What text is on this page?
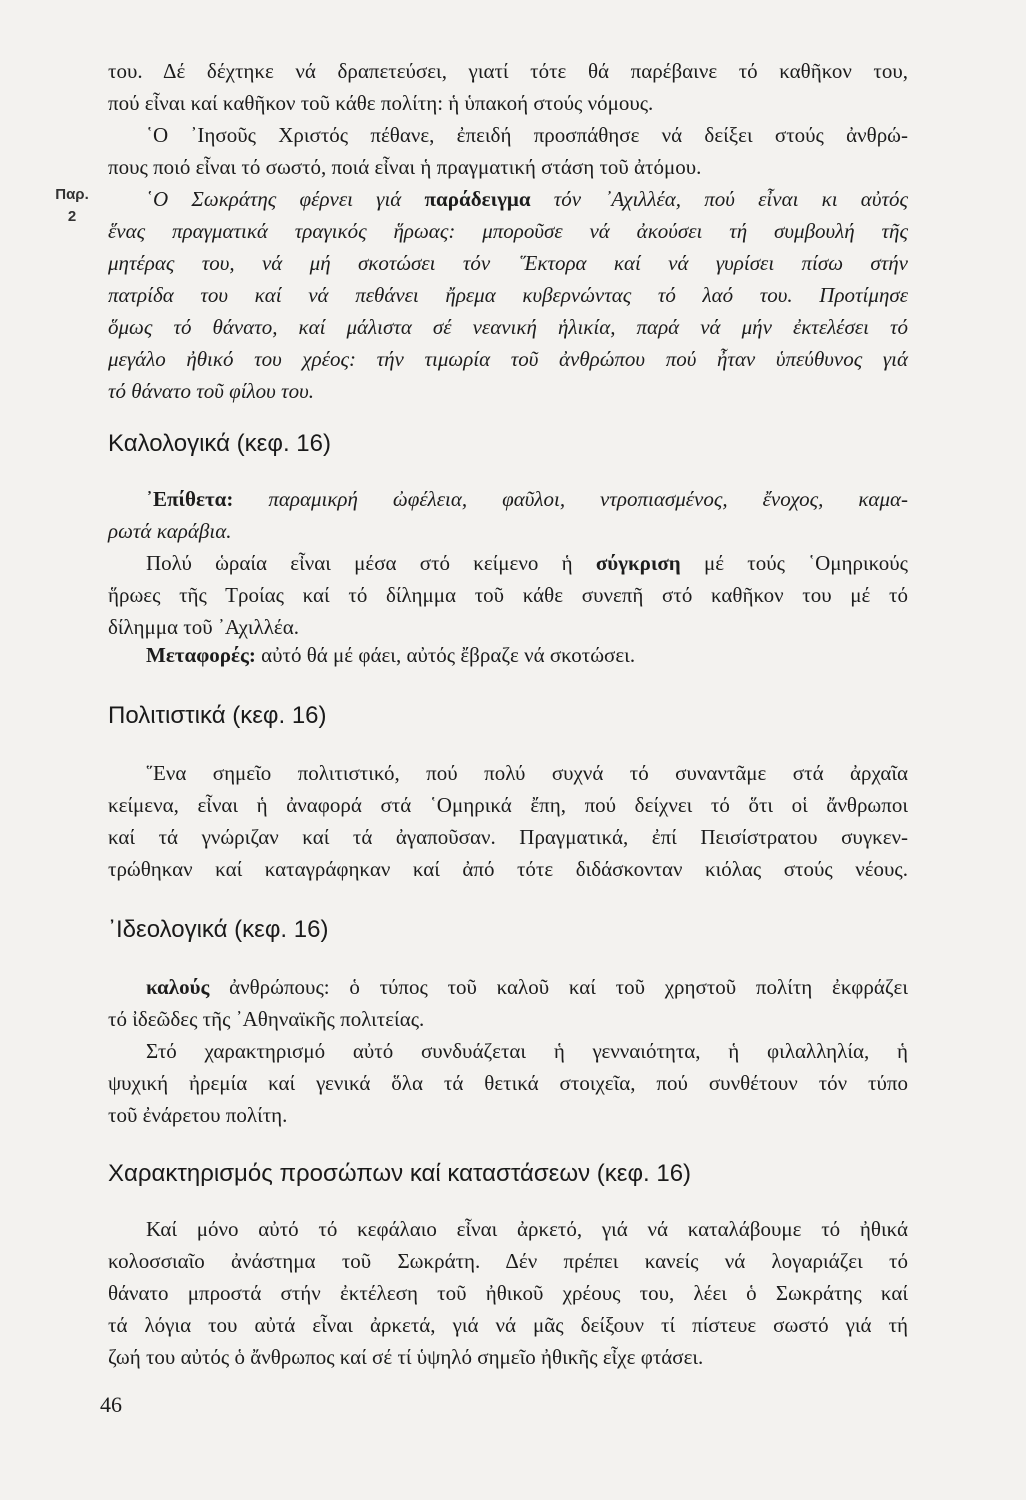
Παρ.
2
του. Δέ δέχτηκε νά δραπετεύσει, γιατί τότε θά παρέβαινε τό καθῆκον του,
πού εἶναι καί καθῆκον τοῦ κάθε πολίτη: ἡ ὑπακοή στούς νόμους.
῾Ο ᾽Ιησοῦς Χριστός πέθανε, ἐπειδή προσπάθησε νά δείξει στούς ἀνθρώ-
πους ποιό εἶναι τό σωστό, ποιά εἶναι ἡ πραγματική στάση τοῦ ἀτόμου.
῾Ο Σωκράτης φέρνει γιά παράδειγμα τόν ᾽Αχιλλέα, πού εἶναι κι αὐτός
ἕνας πραγματικά τραγικός ἥρωας: μποροῦσε νά ἀκούσει τή συμβουλή τῆς
μητέρας του, νά μή σκοτώσει τόν ῞Εκτορα καί νά γυρίσει πίσω στήν
πατρίδα του καί νά πεθάνει ἤρεμα κυβερνώντας τό λαό του. Προτίμησε
ὅμως τό θάνατο, καί μάλιστα σέ νεανική ἡλικία, παρά νά μήν ἐκτελέσει τό
μεγάλο ἠθικό του χρέος: τήν τιμωρία τοῦ ἀνθρώπου πού ἦταν ὑπεύθυνος γιά
τό θάνατο τοῦ φίλου του.
Καλολογικά (κεφ. 16)
᾽Επίθετα: παραμικρή ὠφέλεια, φαῦλοι, ντροπιασμένος, ἔνοχος, καμα-
ρωτά καράβια.
Πολύ ὡραία εἶναι μέσα στό κείμενο ἡ σύγκριση μέ τούς ῾Ομηρικούς
ἥρωες τῆς Τροίας καί τό δίλημμα τοῦ κάθε συνεπῆ στό καθῆκον του μέ τό
δίλημμα τοῦ ᾽Αχιλλέα.
Μεταφορές: αὐτό θά μέ φάει, αὐτός ἔβραζε νά σκοτώσει.
Πολιτιστικά (κεφ. 16)
῞Ενα σημεῖο πολιτιστικό, πού πολύ συχνά τό συναντᾶμε στά ἀρχαῖα
κείμενα, εἶναι ἡ ἀναφορά στά ῾Ομηρικά ἔπη, πού δείχνει τό ὅτι οἱ ἄνθρωποι
καί τά γνώριζαν καί τά ἀγαποῦσαν. Πραγματικά, ἐπί Πεισίστρατου συγκεν-
τρώθηκαν καί καταγράφηκαν καί ἀπό τότε διδάσκονταν κιόλας στούς νέους.
᾽Ιδεολογικά (κεφ. 16)
καλούς ἀνθρώπους: ὁ τύπος τοῦ καλοῦ καί τοῦ χρηστοῦ πολίτη ἐκφράζει
τό ἰδεῶδες τῆς ᾽Αθηναϊκῆς πολιτείας.
Στό χαρακτηρισμό αὐτό συνδυάζεται ἡ γενναιότητα, ἡ φιλαλληλία, ἡ
ψυχική ἠρεμία καί γενικά ὅλα τά θετικά στοιχεῖα, πού συνθέτουν τόν τύπο
τοῦ ἐνάρετου πολίτη.
Χαρακτηρισμός προσώπων καί καταστάσεων (κεφ. 16)
Καί μόνο αὐτό τό κεφάλαιο εἶναι ἀρκετό, γιά νά καταλάβουμε τό ἠθικά
κολοσσιαῖο ἀνάστημα τοῦ Σωκράτη. Δέν πρέπει κανείς νά λογαριάζει τό
θάνατο μπροστά στήν ἐκτέλεση τοῦ ἠθικοῦ χρέους του, λέει ὁ Σωκράτης καί
τά λόγια του αὐτά εἶναι ἀρκετά, γιά νά μᾶς δείξουν τί πίστευε σωστό γιά τή
ζωή του αὐτός ὁ ἄνθρωπος καί σέ τί ὑψηλό σημεῖο ἠθικῆς εἶχε φτάσει.
46
